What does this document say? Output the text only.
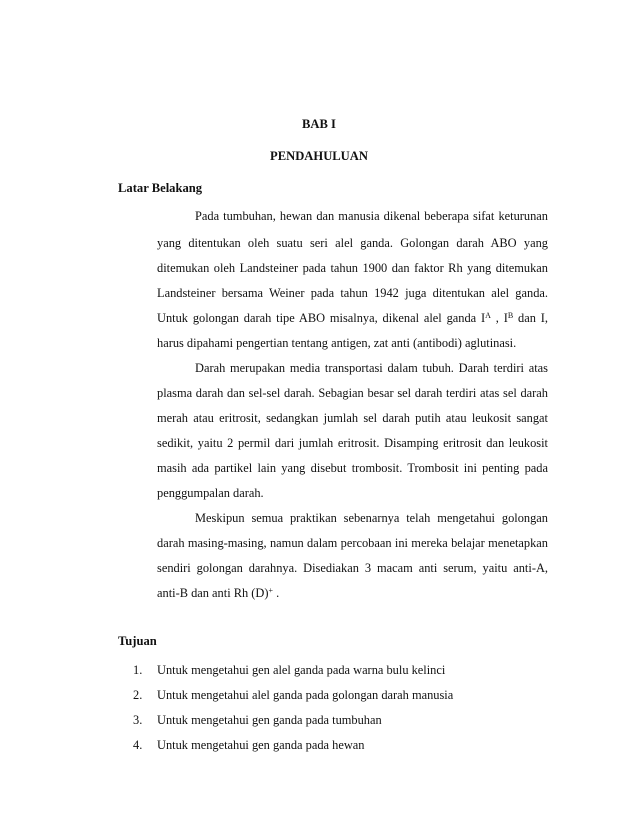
BAB I
PENDAHULUAN
Latar Belakang
Pada tumbuhan, hewan dan manusia dikenal beberapa sifat keturunan
yang ditentukan oleh suatu seri alel ganda. Golongan darah ABO yang
ditemukan oleh Landsteiner pada tahun 1900 dan faktor Rh yang ditemukan
Landsteiner bersama Weiner pada tahun 1942 juga ditentukan alel ganda.
Untuk golongan darah tipe ABO misalnya, dikenal alel ganda $I^A$ , $I^B$ dan I,
harus dipahami pengertian tentang antigen, zat anti (antibodi) aglutinasi.
Darah merupakan media transportasi dalam tubuh. Darah terdiri atas
plasma darah dan sel-sel darah. Sebagian besar sel darah terdiri atas sel darah
merah atau eritrosit, sedangkan jumlah sel darah putih atau leukosit sangat
sedikit, yaitu 2 permil dari jumlah eritrosit. Disamping eritrosit dan leukosit
masih ada partikel lain yang disebut trombosit. Trombosit ini penting pada
penggumpalan darah.
Meskipun semua praktikan sebenarnya telah mengetahui golongan
darah masing-masing, namun dalam percobaan ini mereka belajar menetapkan
sendiri golongan darahnya. Disediakan 3 macam anti serum, yaitu anti-A,
anti-B dan anti Rh (D)+ .
Tujuan
1. Untuk mengetahui gen alel ganda pada warna bulu kelinci
2. Untuk mengetahui alel ganda pada golongan darah manusia
3. Untuk mengetahui gen ganda pada tumbuhan
4. Untuk mengetahui gen ganda pada hewan
